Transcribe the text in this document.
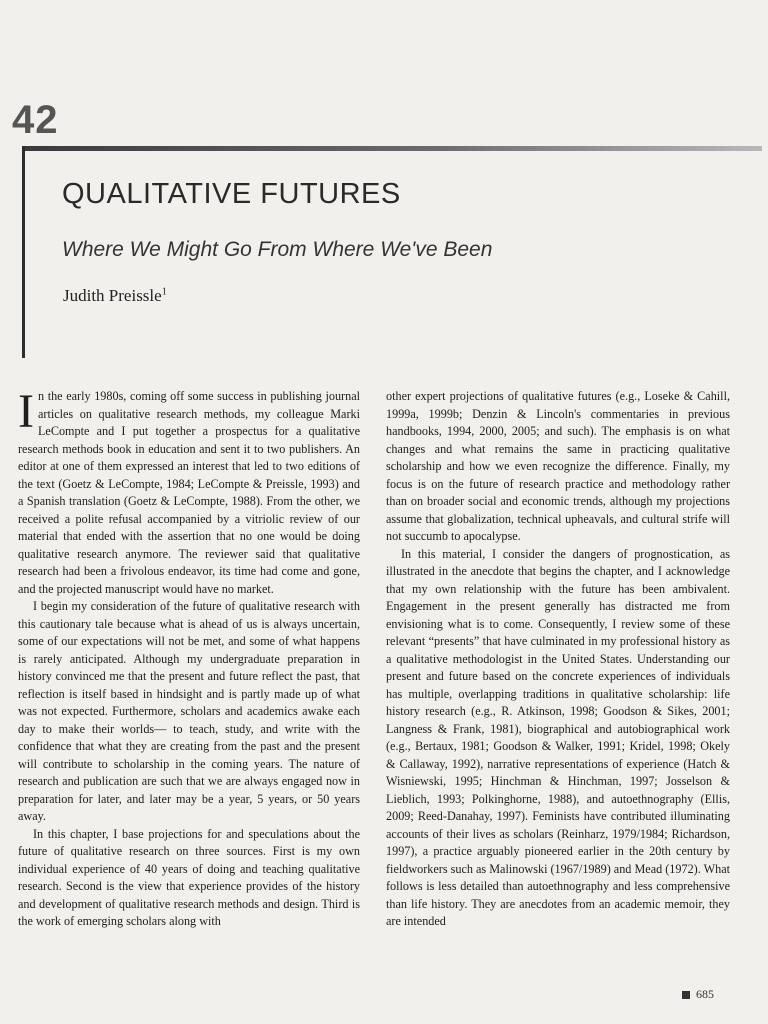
42
QUALITATIVE FUTURES
Where We Might Go From Where We've Been
Judith Preissle$^1$

In the early 1980s, coming off some success in publishing journal articles on qualitative research methods, my colleague Marki LeCompte and I put together a prospectus for a qualitative research methods book in education and sent it to two publishers. An editor at one of them expressed an interest that led to two editions of the text (Goetz & LeCompte, 1984; LeCompte & Preissle, 1993) and a Spanish translation (Goetz & LeCompte, 1988). From the other, we received a polite refusal accompanied by a vitriolic review of our material that ended with the assertion that no one would be doing qualitative research anymore. The reviewer said that qualitative research had been a frivolous endeavor, its time had come and gone, and the projected manuscript would have no market.

I begin my consideration of the future of qualitative research with this cautionary tale because what is ahead of us is always uncertain, some of our expectations will not be met, and some of what happens is rarely anticipated. Although my undergraduate preparation in history convinced me that the present and future reflect the past, that reflection is itself based in hindsight and is partly made up of what was not expected. Furthermore, scholars and academics awake each day to make their worlds— to teach, study, and write with the confidence that what they are creating from the past and the present will contribute to scholarship in the coming years. The nature of research and publication are such that we are always engaged now in preparation for later, and later may be a year, 5 years, or 50 years away.

In this chapter, I base projections for and speculations about the future of qualitative research on three sources. First is my own individual experience of 40 years of doing and teaching qualitative research. Second is the view that experience provides of the history and development of qualitative research methods and design. Third is the work of emerging scholars along with

other expert projections of qualitative futures (e.g., Loseke & Cahill, 1999a, 1999b; Denzin & Lincoln's commentaries in previous handbooks, 1994, 2000, 2005; and such). The emphasis is on what changes and what remains the same in practicing qualitative scholarship and how we even recognize the difference. Finally, my focus is on the future of research practice and methodology rather than on broader social and economic trends, although my projections assume that globalization, technical upheavals, and cultural strife will not succumb to apocalypse.

In this material, I consider the dangers of prognostication, as illustrated in the anecdote that begins the chapter, and I acknowledge that my own relationship with the future has been ambivalent. Engagement in the present generally has distracted me from envisioning what is to come. Consequently, I review some of these relevant “presents” that have culminated in my professional history as a qualitative methodologist in the United States. Understanding our present and future based on the concrete experiences of individuals has multiple, overlapping traditions in qualitative scholarship: life history research (e.g., R. Atkinson, 1998; Goodson & Sikes, 2001; Langness & Frank, 1981), biographical and autobiographical work (e.g., Bertaux, 1981; Goodson & Walker, 1991; Kridel, 1998; Okely & Callaway, 1992), narrative representations of experience (Hatch & Wisniewski, 1995; Hinchman & Hinchman, 1997; Josselson & Lieblich, 1993; Polkinghorne, 1988), and autoethnography (Ellis, 2009; Reed-Danahay, 1997). Feminists have contributed illuminating accounts of their lives as scholars (Reinharz, 1979/1984; Richardson, 1997), a practice arguably pioneered earlier in the 20th century by fieldworkers such as Malinowski (1967/1989) and Mead (1972). What follows is less detailed than autoethnography and less comprehensive than life history. They are anecdotes from an academic memoir, they are intended

685
